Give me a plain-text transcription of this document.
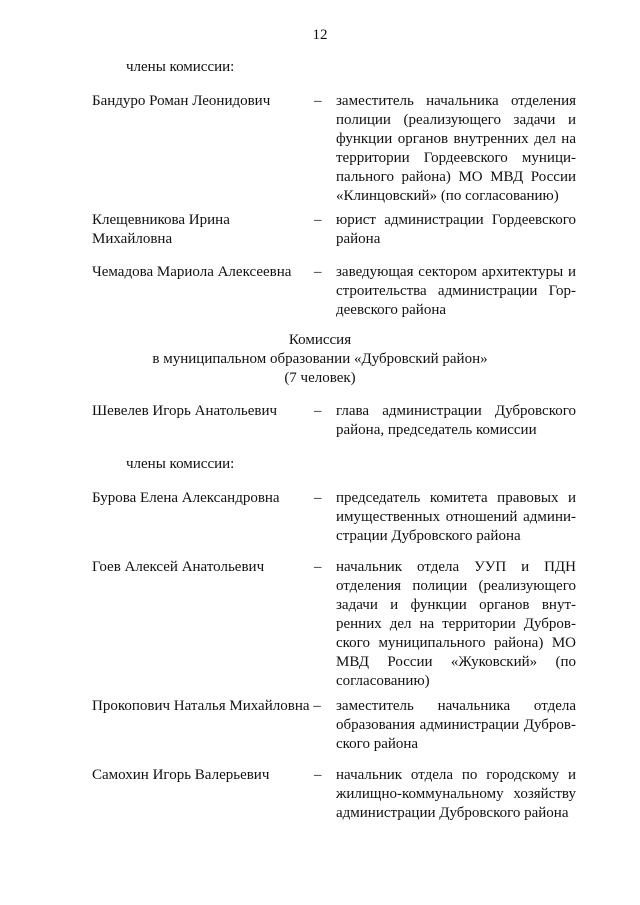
12
члены комиссии:
Бандуро Роман Леонидович	– заместитель начальника отделения
полиции (реализующего задачи и
функции органов внутренних дел на
территории Гордеевского муници-
пального района) МО МВД России
«Клинцовский» (по согласованию)
Клещевникова Ирина
Михайловна
– юрист администрации Гордеевского
района
Чемадова Мариола Алексеевна – заведующая сектором архитектуры и
строительства администрации Гор-
деевского района
Комиссия
в муниципальном образовании «Дубровский район»
(7 человек)
Шевелев Игорь Анатольевич – глава администрации Дубровского
района, председатель комиссии
члены комиссии:
Бурова Елена Александровна – председатель комитета правовых и
имущественных отношений админи-
страции Дубровского района
Гоев Алексей Анатольевич	– начальник отдела УУП и ПДН
отделения полиции (реализующего
задачи и функции органов внут-
ренних дел на территории Дубров-
ского муниципального района) МО
МВД России «Жуковский» (по
согласованию)
Прокопович Наталья Михайловна – заместитель начальника отдела
образования администрации Дубров-
ского района
Самохин Игорь Валерьевич	– начальник отдела по городскому и
жилищно-коммунальному хозяйству
администрации Дубровского района
